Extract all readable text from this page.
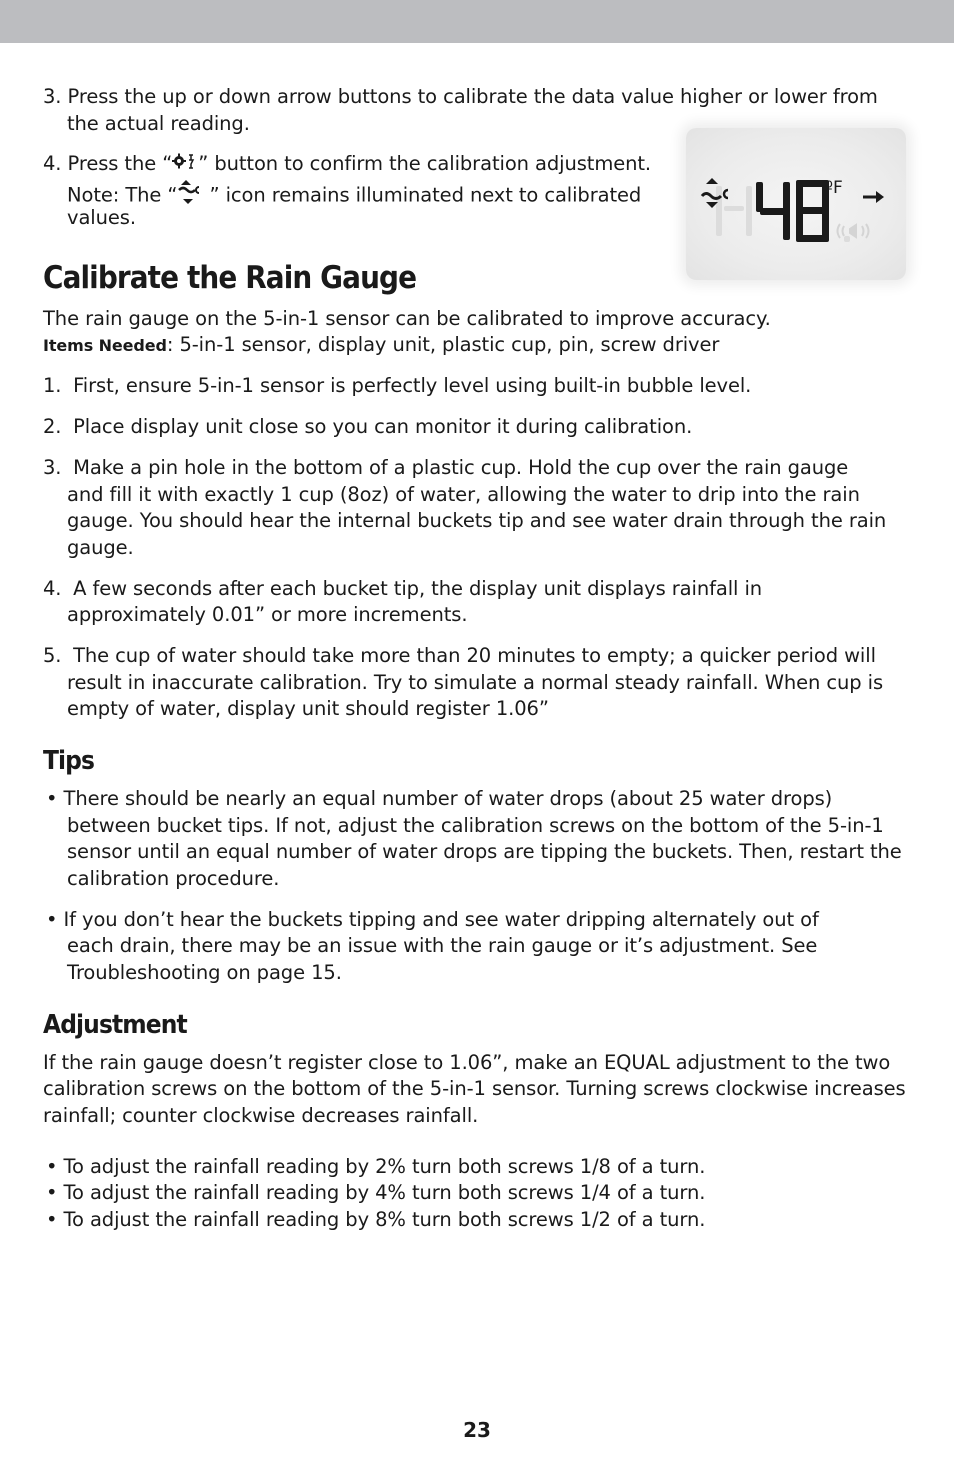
3. Press the up or down arrow buttons to calibrate the data value higher or lower from
the actual reading.
4. Press the “ ” button to confirm the calibration adjustment.
Note: The “ ” icon remains illuminated next to calibrated
values.
ºF
Calibrate the Rain Gauge
The rain gauge on the 5-in-1 sensor can be calibrated to improve accuracy.
Items Needed: 5-in-1 sensor, display unit, plastic cup, pin, screw driver
1. First, ensure 5-in-1 sensor is perfectly level using built-in bubble level.
2. Place display unit close so you can monitor it during calibration.
3. Make a pin hole in the bottom of a plastic cup. Hold the cup over the rain gauge
and fill it with exactly 1 cup (8oz) of water, allowing the water to drip into the rain
gauge. You should hear the internal buckets tip and see water drain through the rain
gauge.
4. A few seconds after each bucket tip, the display unit displays rainfall in
approximately 0.01” or more increments.
5. The cup of water should take more than 20 minutes to empty; a quicker period will
result in inaccurate calibration. Try to simulate a normal steady rainfall. When cup is
empty of water, display unit should register 1.06”
Tips
• There should be nearly an equal number of water drops (about 25 water drops)
between bucket tips. If not, adjust the calibration screws on the bottom of the 5-in-1
sensor until an equal number of water drops are tipping the buckets. Then, restart the
calibration procedure.
• If you don’t hear the buckets tipping and see water dripping alternately out of
each drain, there may be an issue with the rain gauge or it’s adjustment. See
Troubleshooting on page 15.
Adjustment
If the rain gauge doesn’t register close to 1.06”, make an EQUAL adjustment to the two
calibration screws on the bottom of the 5-in-1 sensor. Turning screws clockwise increases
rainfall; counter clockwise decreases rainfall.
• To adjust the rainfall reading by 2% turn both screws 1/8 of a turn.
• To adjust the rainfall reading by 4% turn both screws 1/4 of a turn.
• To adjust the rainfall reading by 8% turn both screws 1/2 of a turn.
23
